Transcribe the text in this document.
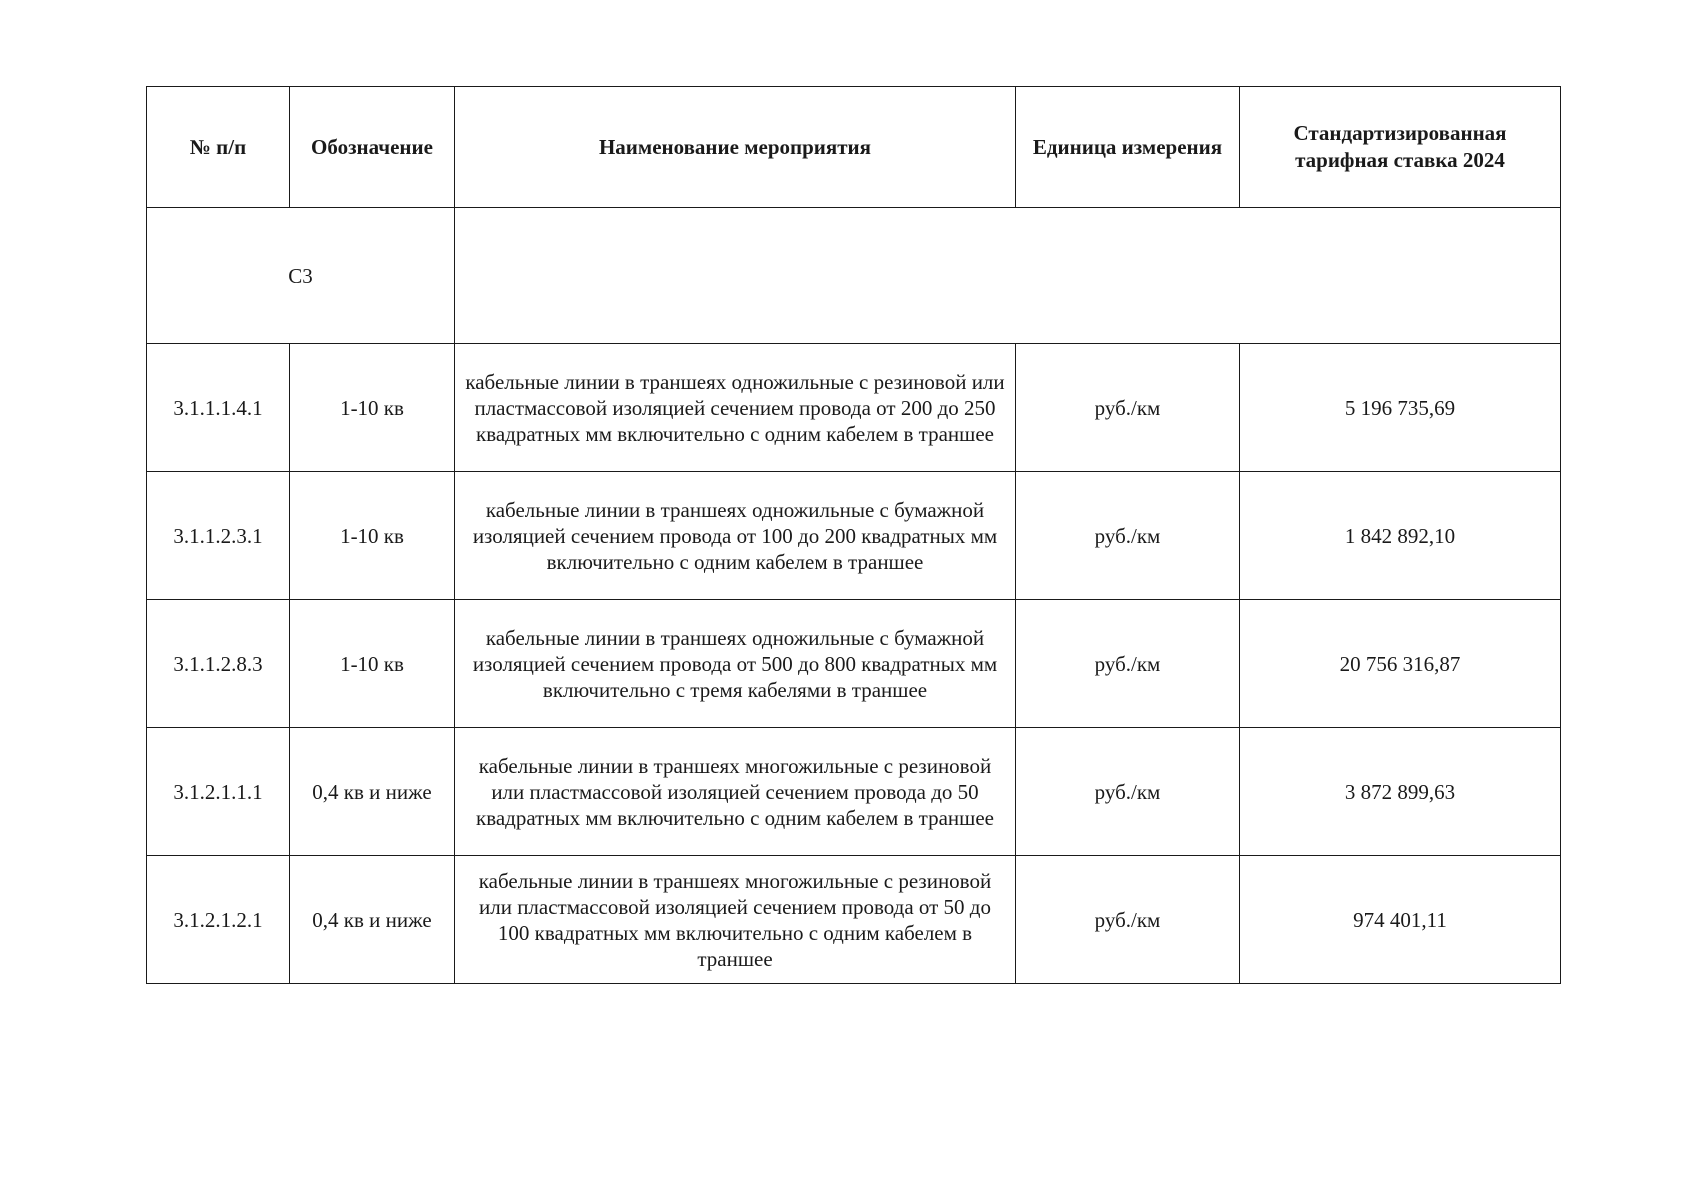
№ п/п	Обозначение	Наименование мероприятия	Единица измерения	Стандартизированная тарифная ставка 2024
С3				
3.1.1.1.4.1	1-10 кв	кабельные линии в траншеях одножильные с резиновой или пластмассовой изоляцией сечением провода от 200 до 250 квадратных мм включительно с одним кабелем в траншее	руб./км	5 196 735,69
3.1.1.2.3.1	1-10 кв	кабельные линии в траншеях одножильные с бумажной изоляцией сечением провода от 100 до 200 квадратных мм включительно с одним кабелем в траншее	руб./км	1 842 892,10
3.1.1.2.8.3	1-10 кв	кабельные линии в траншеях одножильные с бумажной изоляцией сечением провода от 500 до 800 квадратных мм включительно с тремя кабелями в траншее	руб./км	20 756 316,87
3.1.2.1.1.1	0,4 кв и ниже	кабельные линии в траншеях многожильные с резиновой или пластмассовой изоляцией сечением провода до 50 квадратных мм включительно с одним кабелем в траншее	руб./км	3 872 899,63
3.1.2.1.2.1	0,4 кв и ниже	кабельные линии в траншеях многожильные с резиновой или пластмассовой изоляцией сечением провода от 50 до 100 квадратных мм включительно с одним кабелем в траншее	руб./км	974 401,11
